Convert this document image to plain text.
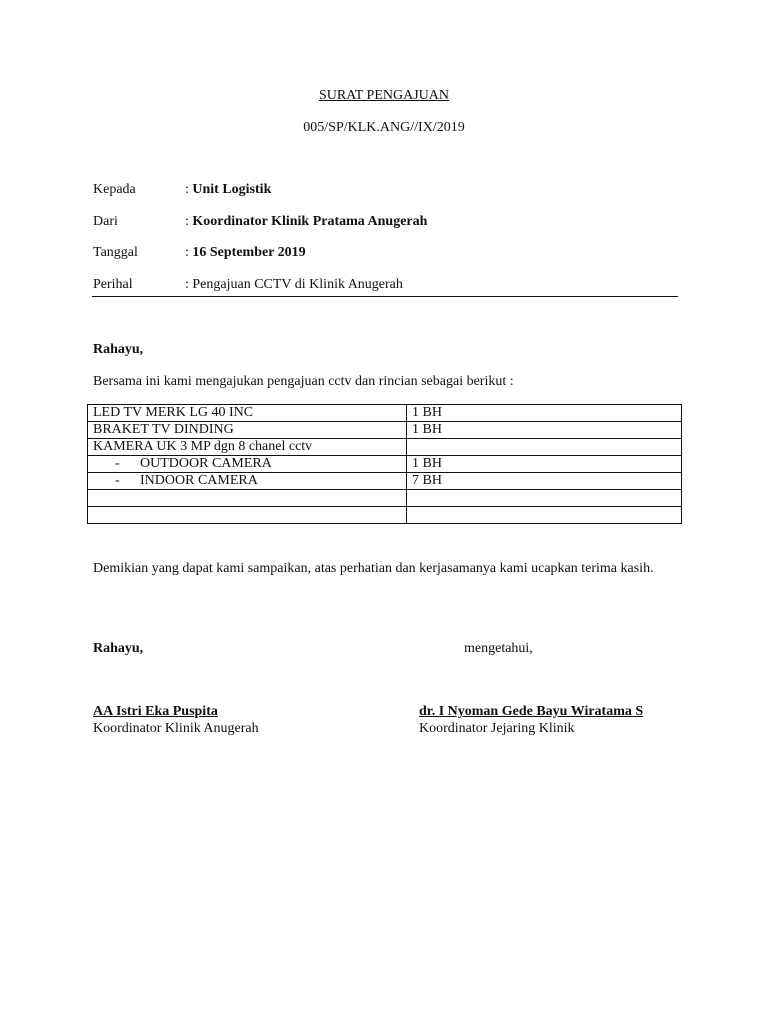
SURAT PENGAJUAN
005/SP/KLK.ANG//IX/2019
Kepada	: Unit Logistik
Dari	: Koordinator Klinik Pratama Anugerah
Tanggal	: 16 September 2019
Perihal	: Pengajuan CCTV di Klinik Anugerah
Rahayu,
Bersama ini kami mengajukan pengajuan cctv dan rincian sebagai berikut :
LED TV MERK LG 40 INC	1 BH
BRAKET TV DINDING	1 BH
KAMERA UK 3 MP dgn 8 chanel cctv	
- OUTDOOR CAMERA	1 BH
- INDOOR CAMERA	7 BH

Demikian yang dapat kami sampaikan, atas perhatian dan kerjasamanya kami ucapkan terima kasih.
Rahayu,	mengetahui,
AA Istri Eka Puspita
Koordinator Klinik Anugerah
dr. I Nyoman Gede Bayu Wiratama S
Koordinator Jejaring Klinik
